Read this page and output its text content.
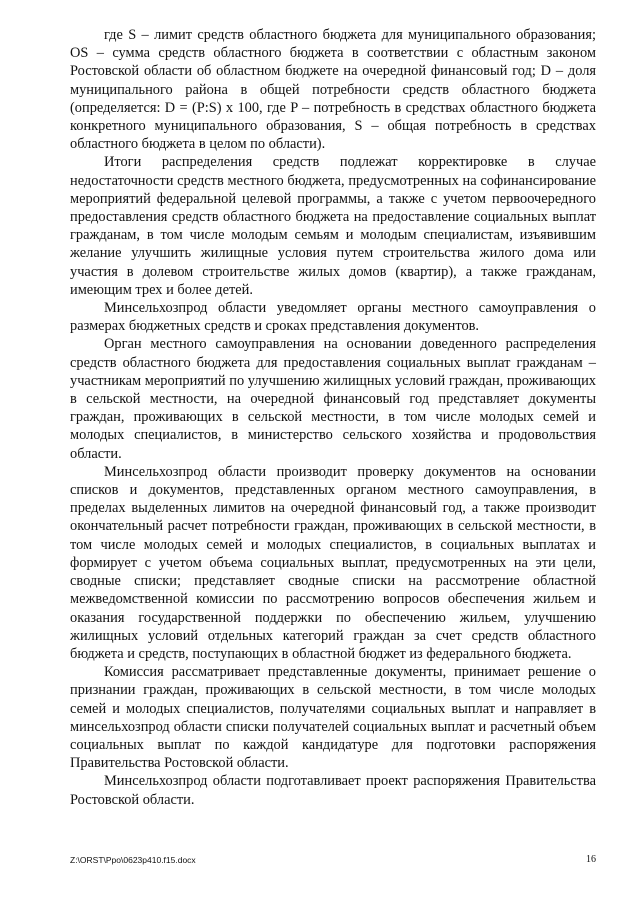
где S – лимит средств областного бюджета для муниципального образования; OS – сумма средств областного бюджета в соответствии с областным законом Ростовской области об областном бюджете на очередной финансовый год; D – доля муниципального района в общей потребности средств областного бюджета (определяется: D = (P:S) x 100, где P – потребность в средствах областного бюджета конкретного муниципального образования, S – общая потребность в средствах областного бюджета в целом по области).

Итоги распределения средств подлежат корректировке в случае недостаточности средств местного бюджета, предусмотренных на софинансирование мероприятий федеральной целевой программы, а также с учетом первоочередного предоставления средств областного бюджета на предоставление социальных выплат гражданам, в том числе молодым семьям и молодым специалистам, изъявившим желание улучшить жилищные условия путем строительства жилого дома или участия в долевом строительстве жилых домов (квартир), а также гражданам, имеющим трех и более детей.

Минсельхозпрод области уведомляет органы местного самоуправления о размерах бюджетных средств и сроках представления документов.

Орган местного самоуправления на основании доведенного распределения средств областного бюджета для предоставления социальных выплат гражданам – участникам мероприятий по улучшению жилищных условий граждан, проживающих в сельской местности, на очередной финансовый год представляет документы граждан, проживающих в сельской местности, в том числе молодых семей и молодых специалистов, в министерство сельского хозяйства и продовольствия области.

Минсельхозпрод области производит проверку документов на основании списков и документов, представленных органом местного самоуправления, в пределах выделенных лимитов на очередной финансовый год, а также производит окончательный расчет потребности граждан, проживающих в сельской местности, в том числе молодых семей и молодых специалистов, в социальных выплатах и формирует с учетом объема социальных выплат, предусмотренных на эти цели, сводные списки; представляет сводные списки на рассмотрение областной межведомственной комиссии по рассмотрению вопросов обеспечения жильем и оказания государственной поддержки по обеспечению жильем, улучшению жилищных условий отдельных категорий граждан за счет средств областного бюджета и средств, поступающих в областной бюджет из федерального бюджета.

Комиссия рассматривает представленные документы, принимает решение о признании граждан, проживающих в сельской местности, в том числе молодых семей и молодых специалистов, получателями социальных выплат и направляет в минсельхозпрод области списки получателей социальных выплат и расчетный объем социальных выплат по каждой кандидатуре для подготовки распоряжения Правительства Ростовской области.

Минсельхозпрод области подготавливает проект распоряжения Правительства Ростовской области.

Z:\ORST\Ppo\0623p410.f15.docx	16
